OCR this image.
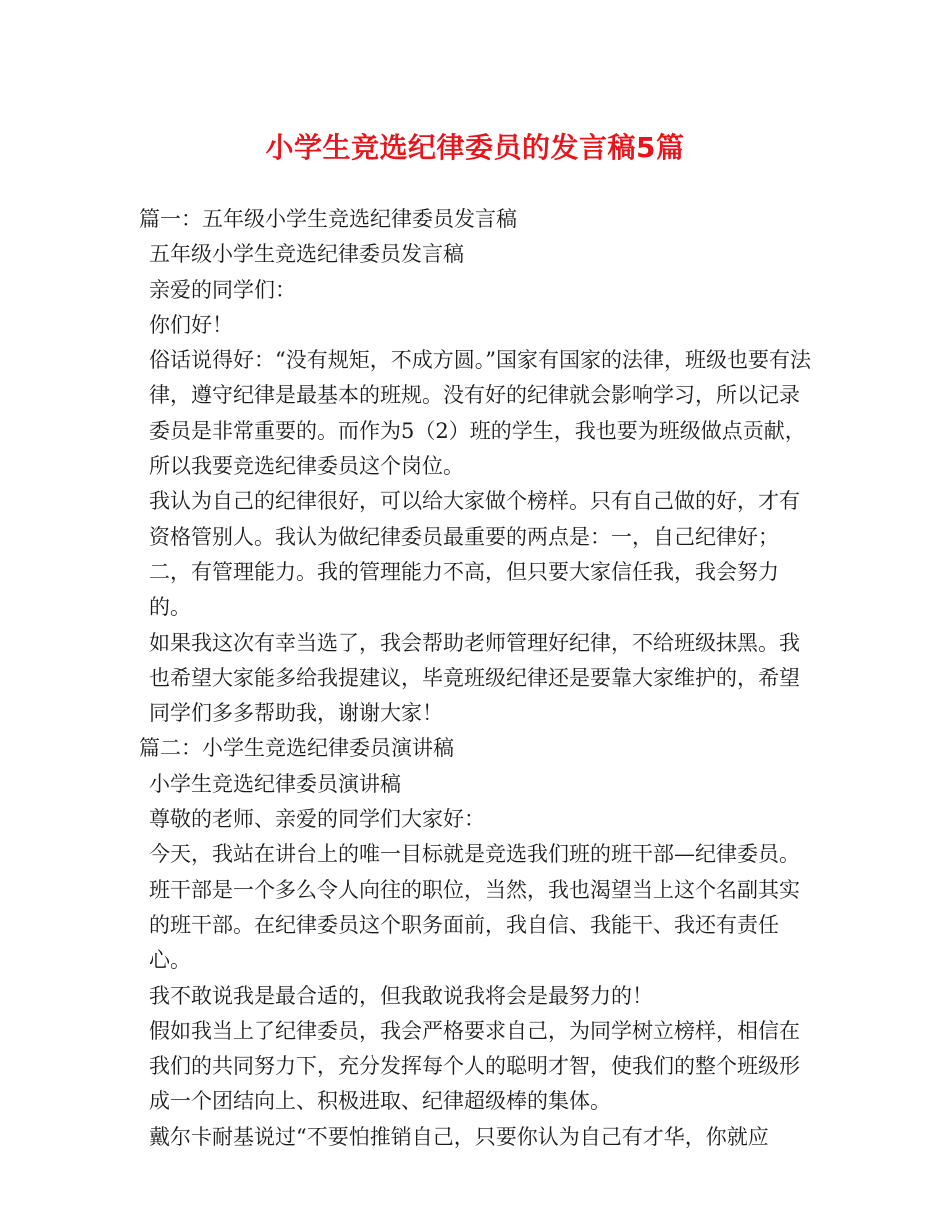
小学生竞选纪律委员的发言稿5篇

篇一：五年级小学生竞选纪律委员发言稿

五年级小学生竞选纪律委员发言稿

亲爱的同学们：

你们好！

俗话说得好：“没有规矩，不成方圆。”国家有国家的法律，班级也要有法律，遵守纪律是最基本的班规。没有好的纪律就会影响学习，所以记录委员是非常重要的。而作为5（2）班的学生，我也要为班级做点贡献，所以我要竞选纪律委员这个岗位。

我认为自己的纪律很好，可以给大家做个榜样。只有自己做的好，才有资格管别人。我认为做纪律委员最重要的两点是：一，自己纪律好；二，有管理能力。我的管理能力不高，但只要大家信任我，我会努力的。

如果我这次有幸当选了，我会帮助老师管理好纪律，不给班级抹黑。我也希望大家能多给我提建议，毕竟班级纪律还是要靠大家维护的，希望同学们多多帮助我，谢谢大家！

篇二：小学生竞选纪律委员演讲稿

小学生竞选纪律委员演讲稿

尊敬的老师、亲爱的同学们大家好：

今天，我站在讲台上的唯一目标就是竞选我们班的班干部—纪律委员。班干部是一个多么令人向往的职位，当然，我也渴望当上这个名副其实的班干部。在纪律委员这个职务面前，我自信、我能干、我还有责任心。

我不敢说我是最合适的，但我敢说我将会是最努力的！

假如我当上了纪律委员，我会严格要求自己，为同学树立榜样，相信在我们的共同努力下，充分发挥每个人的聪明才智，使我们的整个班级形成一个团结向上、积极进取、纪律超级棒的集体。

戴尔卡耐基说过“不要怕推销自己，只要你认为自己有才华，你就应
